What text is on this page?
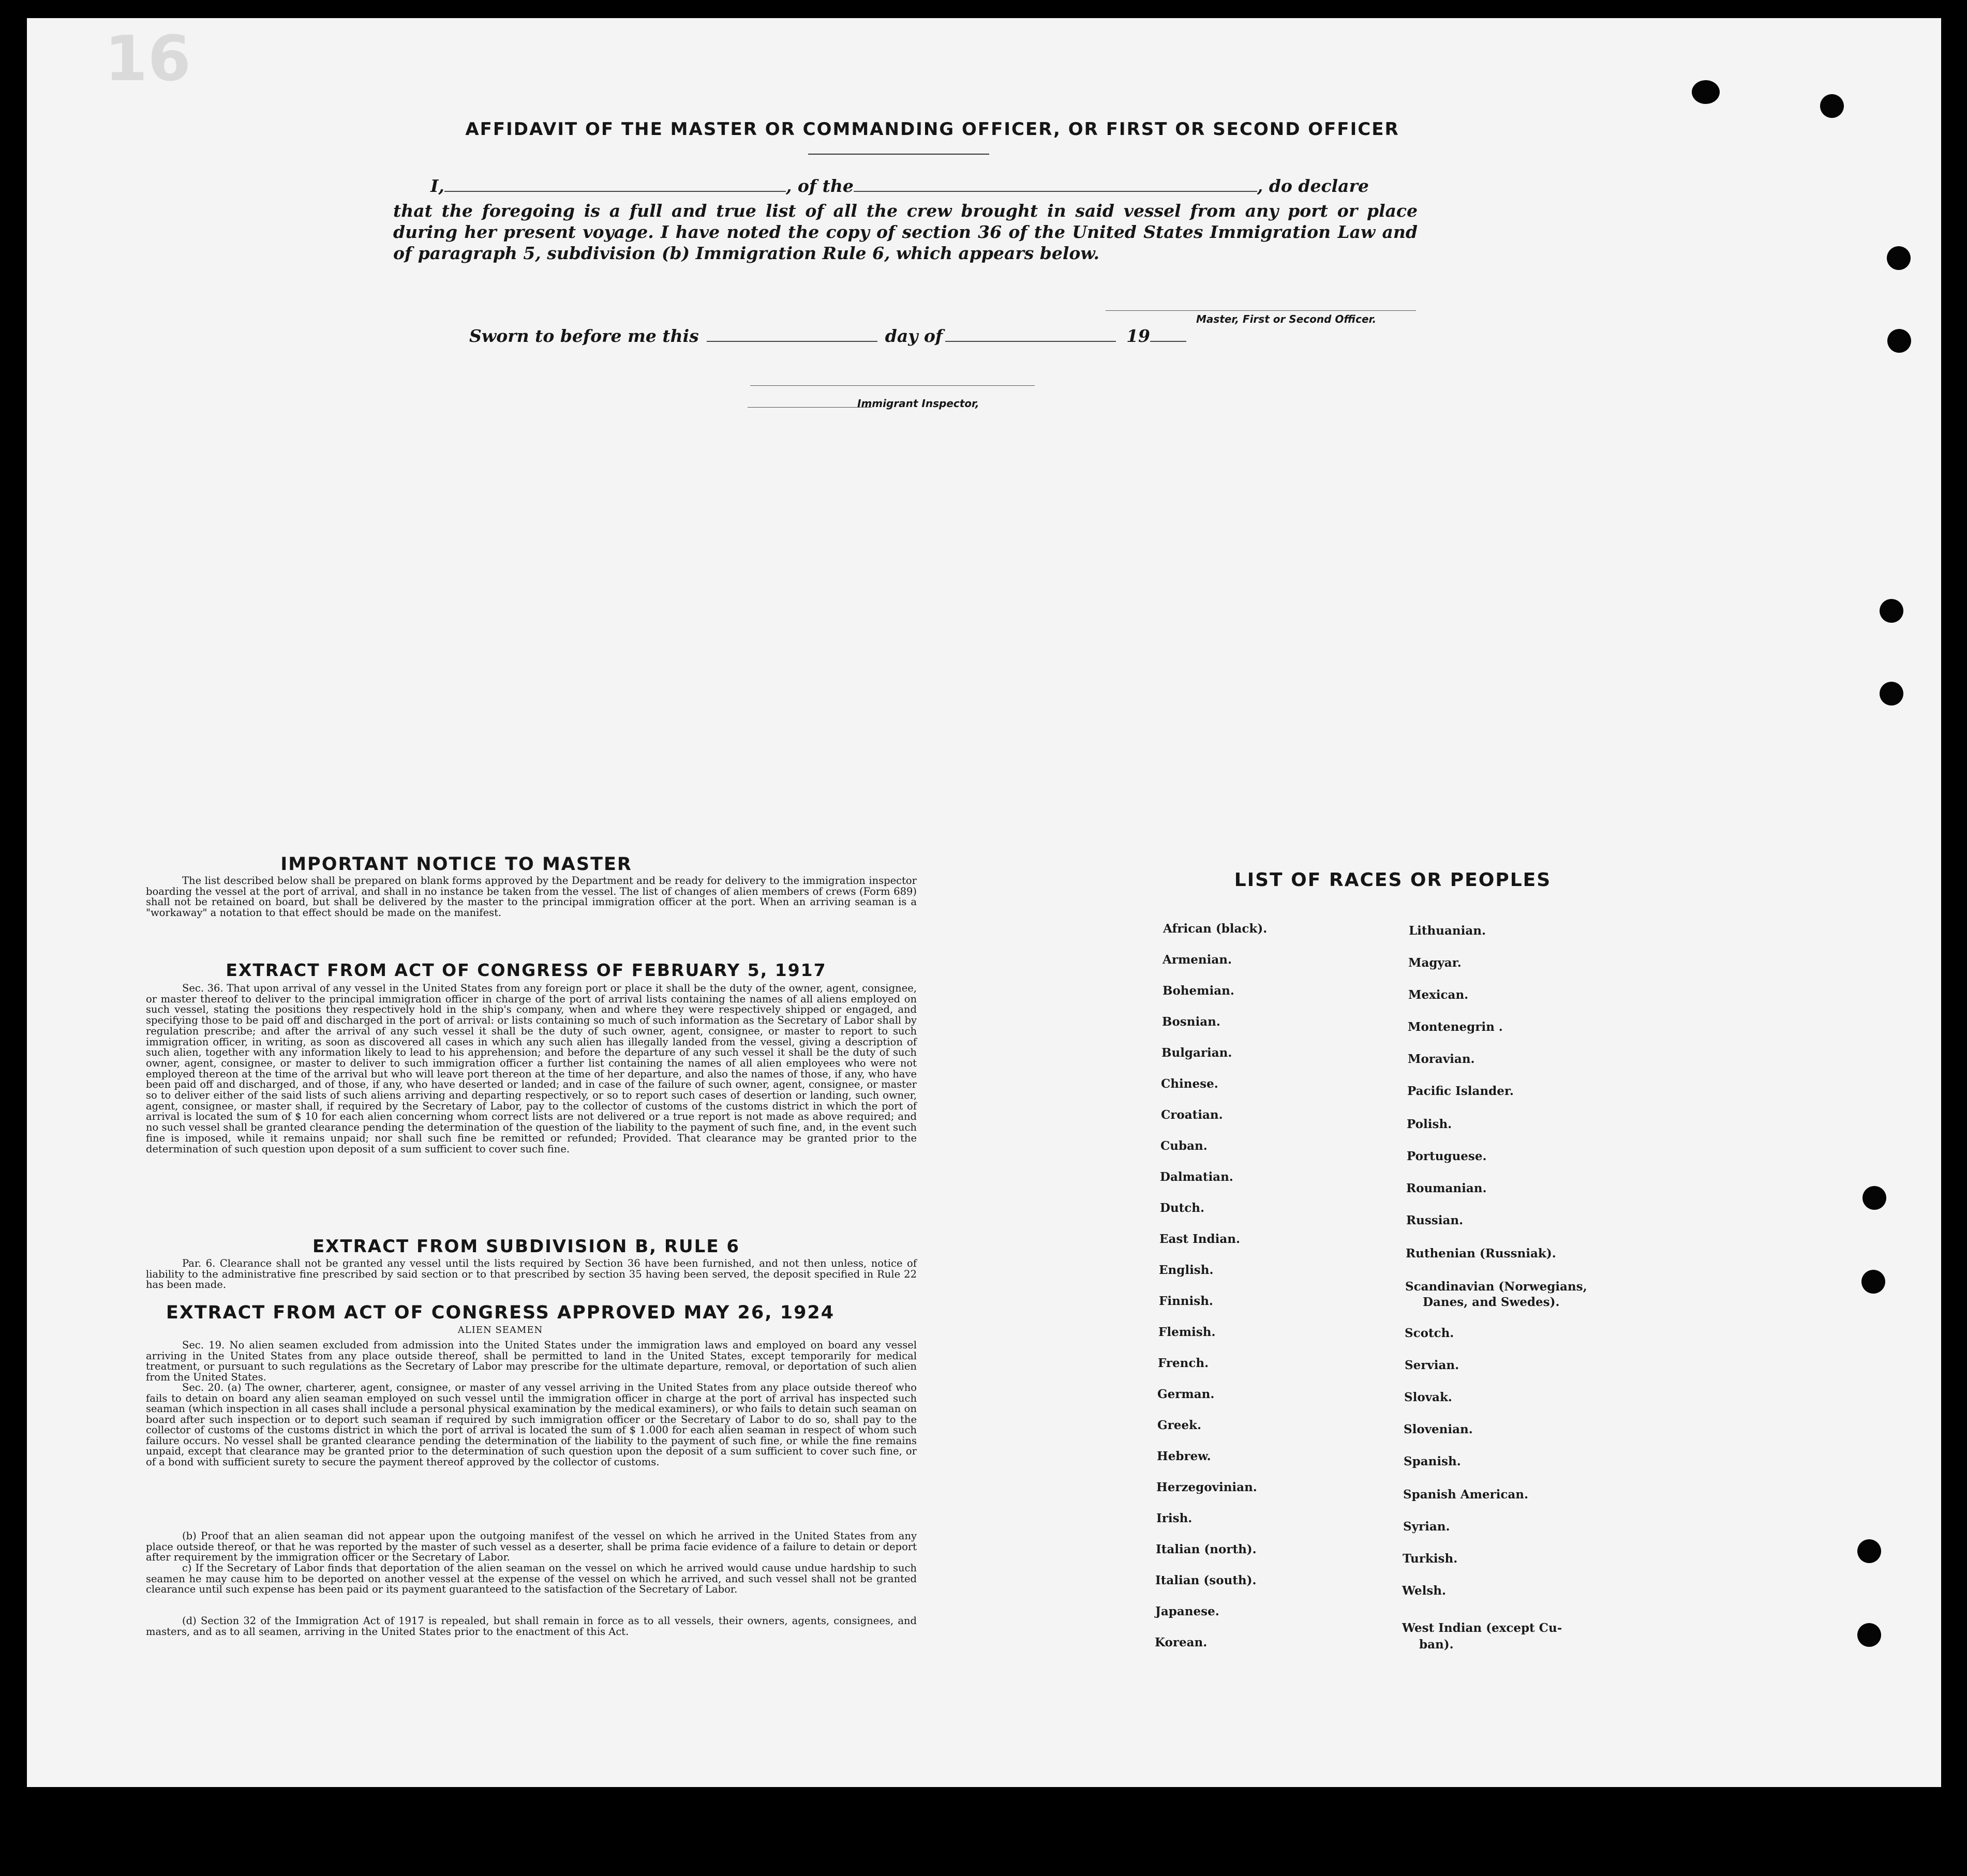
16
AFFIDAVIT OF THE MASTER OR COMMANDING OFFICER, OR FIRST OR SECOND OFFICER
I,	, of the	, do declare
that the foregoing is a full and true list of all the crew brought in said vessel from any port or place during her present voyage. I have noted the copy of section 36 of the United States Immigration Law and of paragraph 5, subdivision (b) Immigration Rule 6, which appears below.
Master, First or Second Officer.
Sworn to before me this	day of	19
Immigrant Inspector,
IMPORTANT NOTICE TO MASTER
The list described below shall be prepared on blank forms approved by the Department and be ready for delivery to the immigration inspector boarding the vessel at the port of arrival, and shall in no instance be taken from the vessel. The list of changes of alien members of crews (Form 689) shall not be retained on board, but shall be delivered by the master to the principal immigration officer at the port. When an arriving seaman is a "workaway" a notation to that effect should be made on the manifest.
EXTRACT FROM ACT OF CONGRESS OF FEBRUARY 5, 1917
Sec. 36. That upon arrival of any vessel in the United States from any foreign port or place it shall be the duty of the owner, agent, consignee, or master thereof to deliver to the principal immigration officer in charge of the port of arrival lists containing the names of all aliens employed on such vessel, stating the positions they respectively hold in the ship's company, when and where they were respectively shipped or engaged, and specifying those to be paid off and discharged in the port of arrival: or lists containing so much of such information as the Secretary of Labor shall by regulation prescribe; and after the arrival of any such vessel it shall be the duty of such owner, agent, consignee, or master to report to such immigration officer, in writing, as soon as discovered all cases in which any such alien has illegally landed from the vessel, giving a description of such alien, together with any information likely to lead to his apprehension; and before the departure of any such vessel it shall be the duty of such owner, agent, consignee, or master to deliver to such immigration officer a further list containing the names of all alien employees who were not employed thereon at the time of the arrival but who will leave port thereon at the time of her departure, and also the names of those, if any, who have been paid off and discharged, and of those, if any, who have deserted or landed; and in case of the failure of such owner, agent, consignee, or master so to deliver either of the said lists of such aliens arriving and departing respectively, or so to report such cases of desertion or landing, such owner, agent, consignee, or master shall, if required by the Secretary of Labor, pay to the collector of customs of the customs district in which the port of arrival is located the sum of $ 10 for each alien concerning whom correct lists are not delivered or a true report is not made as above required; and no such vessel shall be granted clearance pending the determination of the question of the liability to the payment of such fine, and, in the event such fine is imposed, while it remains unpaid; nor shall such fine be remitted or refunded; Provided. That clearance may be granted prior to the determination of such question upon deposit of a sum sufficient to cover such fine.
EXTRACT FROM SUBDIVISION B, RULE 6
Par. 6. Clearance shall not be granted any vessel until the lists required by Section 36 have been furnished, and not then unless, notice of liability to the administrative fine prescribed by said section or to that prescribed by section 35 having been served, the deposit specified in Rule 22 has been made.
EXTRACT FROM ACT OF CONGRESS APPROVED MAY 26, 1924
ALIEN SEAMEN
Sec. 19. No alien seamen excluded from admission into the United States under the immigration laws and employed on board any vessel arriving in the United States from any place outside thereof, shall be permitted to land in the United States, except temporarily for medical treatment, or pursuant to such regulations as the Secretary of Labor may prescribe for the ultimate departure, removal, or deportation of such alien from the United States.
Sec. 20. (a) The owner, charterer, agent, consignee, or master of any vessel arriving in the United States from any place outside thereof who fails to detain on board any alien seaman employed on such vessel until the immigration officer in charge at the port of arrival has inspected such seaman (which inspection in all cases shall include a personal physical examination by the medical examiners), or who fails to detain such seaman on board after such inspection or to deport such seaman if required by such immigration officer or the Secretary of Labor to do so, shall pay to the collector of customs of the customs district in which the port of arrival is located the sum of $ 1.000 for each alien seaman in respect of whom such failure occurs. No vessel shall be granted clearance pending the determination of the liability to the payment of such fine, or while the fine remains unpaid, except that clearance may be granted prior to the determination of such question upon the deposit of a sum sufficient to cover such fine, or of a bond with sufficient surety to secure the payment thereof approved by the collector of customs.
(b) Proof that an alien seaman did not appear upon the outgoing manifest of the vessel on which he arrived in the United States from any place outside thereof, or that he was reported by the master of such vessel as a deserter, shall be prima facie evidence of a failure to detain or deport after requirement by the immigration officer or the Secretary of Labor.
c) If the Secretary of Labor finds that deportation of the alien seaman on the vessel on which he arrived would cause undue hardship to such seamen he may cause him to be deported on another vessel at the expense of the vessel on which he arrived, and such vessel shall not be granted clearance until such expense has been paid or its payment guaranteed to the satisfaction of the Secretary of Labor.
(d) Section 32 of the Immigration Act of 1917 is repealed, but shall remain in force as to all vessels, their owners, agents, consignees, and masters, and as to all seamen, arriving in the United States prior to the enactment of this Act.
LIST OF RACES OR PEOPLES
African (black).
Armenian.
Bohemian.
Bosnian.
Bulgarian.
Chinese.
Croatian.
Cuban.
Dalmatian.
Dutch.
East Indian.
English.
Finnish.
Flemish.
French.
German.
Greek.
Hebrew.
Herzegovinian.
Irish.
Italian (north).
Italian (south).
Japanese.
Korean.
Lithuanian.
Magyar.
Mexican.
Montenegrin .
Moravian.
Pacific Islander.
Polish.
Portuguese.
Roumanian.
Russian.
Ruthenian (Russniak).
Scandinavian (Norwegians,
Danes, and Swedes).
Scotch.
Servian.
Slovak.
Slovenian.
Spanish.
Spanish American.
Syrian.
Turkish.
Welsh.
West Indian (except Cu-
ban).
